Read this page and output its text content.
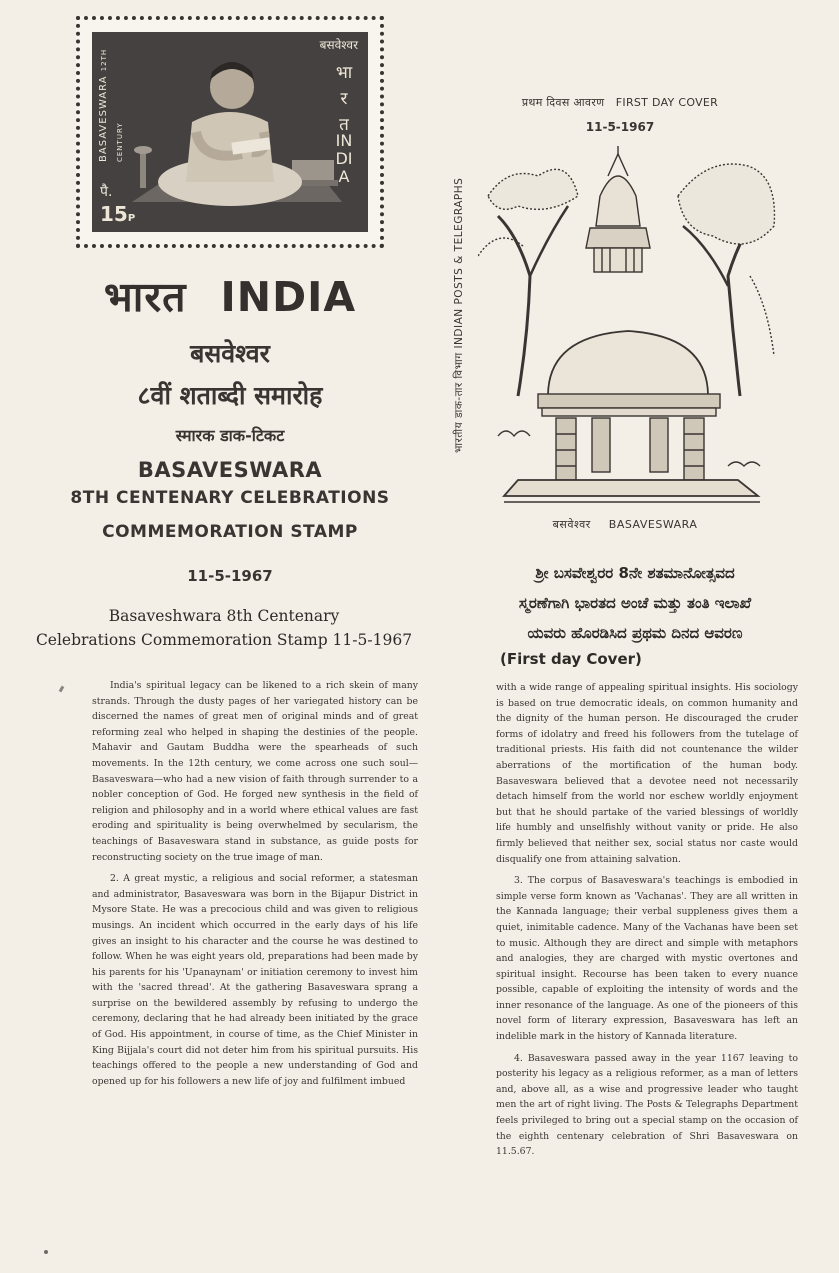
BASAVESWARA 12TH CENTURY
बसवेश्वर
भा
र
त
INDIA
पै.
15P
भारत INDIA
बसवेश्वर
८वीं शताब्दी समारोह
स्मारक डाक-टिकट
BASAVESWARA
8TH CENTENARY CELEBRATIONS
COMMEMORATION STAMP
11-5-1967
Basaveshwara 8th Centenary
Celebrations Commemoration Stamp 11-5-1967
प्रथम दिवस आवरण FIRST DAY COVER
11-5-1967
भारतीय डाक-तार विभाग INDIAN POSTS & TELEGRAPHS
बसवेश्वर BASAVESWARA
ಶ್ರೀ ಬಸವೇಶ್ವರರ 8ನೇ ಶತಮಾನೋತ್ಸವದ
ಸ್ಮರಣೆಗಾಗಿ ಭಾರತದ ಅಂಚೆ ಮತ್ತು ತಂತಿ ಇಲಾಖೆ
ಯವರು ಹೊರಡಿಸಿದ ಪ್ರಥಮ ದಿನದ ಆವರಣ
(First day Cover)

India's spiritual legacy can be likened to a rich skein of many strands. Through the dusty pages of her variegated history can be discerned the names of great men of original minds and of great reforming zeal who helped in shaping the destinies of the people. Mahavir and Gautam Buddha were the spearheads of such movements. In the 12th century, we come across one such soul—Basaveswara—who had a new vision of faith through surrender to a nobler conception of God. He forged new synthesis in the field of religion and philosophy and in a world where ethical values are fast eroding and spirituality is being overwhelmed by secularism, the teachings of Basaveswara stand in substance, as guide posts for reconstructing society on the true image of man.

2. A great mystic, a religious and social reformer, a statesman and administrator, Basaveswara was born in the Bijapur District in Mysore State. He was a precocious child and was given to religious musings. An incident which occurred in the early days of his life gives an insight to his character and the course he was destined to follow. When he was eight years old, preparations had been made by his parents for his 'Upanaynam' or initiation ceremony to invest him with the 'sacred thread'. At the gathering Basaveswara sprang a surprise on the bewildered assembly by refusing to undergo the ceremony, declaring that he had already been initiated by the grace of God. His appointment, in course of time, as the Chief Minister in King Bijjala's court did not deter him from his spiritual pursuits. His teachings offered to the people a new understanding of God and opened up for his followers a new life of joy and fulfilment imbued

with a wide range of appealing spiritual insights. His sociology is based on true democratic ideals, on common humanity and the dignity of the human person. He discouraged the cruder forms of idolatry and freed his followers from the tutelage of traditional priests. His faith did not countenance the wilder aberrations of the mortification of the human body. Basaveswara believed that a devotee need not necessarily detach himself from the world nor eschew worldly enjoyment but that he should partake of the varied blessings of worldly life humbly and unselfishly without vanity or pride. He also firmly believed that neither sex, social status nor caste would disqualify one from attaining salvation.

3. The corpus of Basaveswara's teachings is embodied in simple verse form known as 'Vachanas'. They are all written in the Kannada language; their verbal suppleness gives them a quiet, inimitable cadence. Many of the Vachanas have been set to music. Although they are direct and simple with metaphors and analogies, they are charged with mystic overtones and spiritual insight. Recourse has been taken to every nuance possible, capable of exploiting the intensity of words and the inner resonance of the language. As one of the pioneers of this novel form of literary expression, Basaveswara has left an indelible mark in the history of Kannada literature.

4. Basaveswara passed away in the year 1167 leaving to posterity his legacy as a religious reformer, as a man of letters and, above all, as a wise and progressive leader who taught men the art of right living. The Posts & Telegraphs Department feels privileged to bring out a special stamp on the occasion of the eighth centenary celebration of Shri Basaveswara on 11.5.67.
